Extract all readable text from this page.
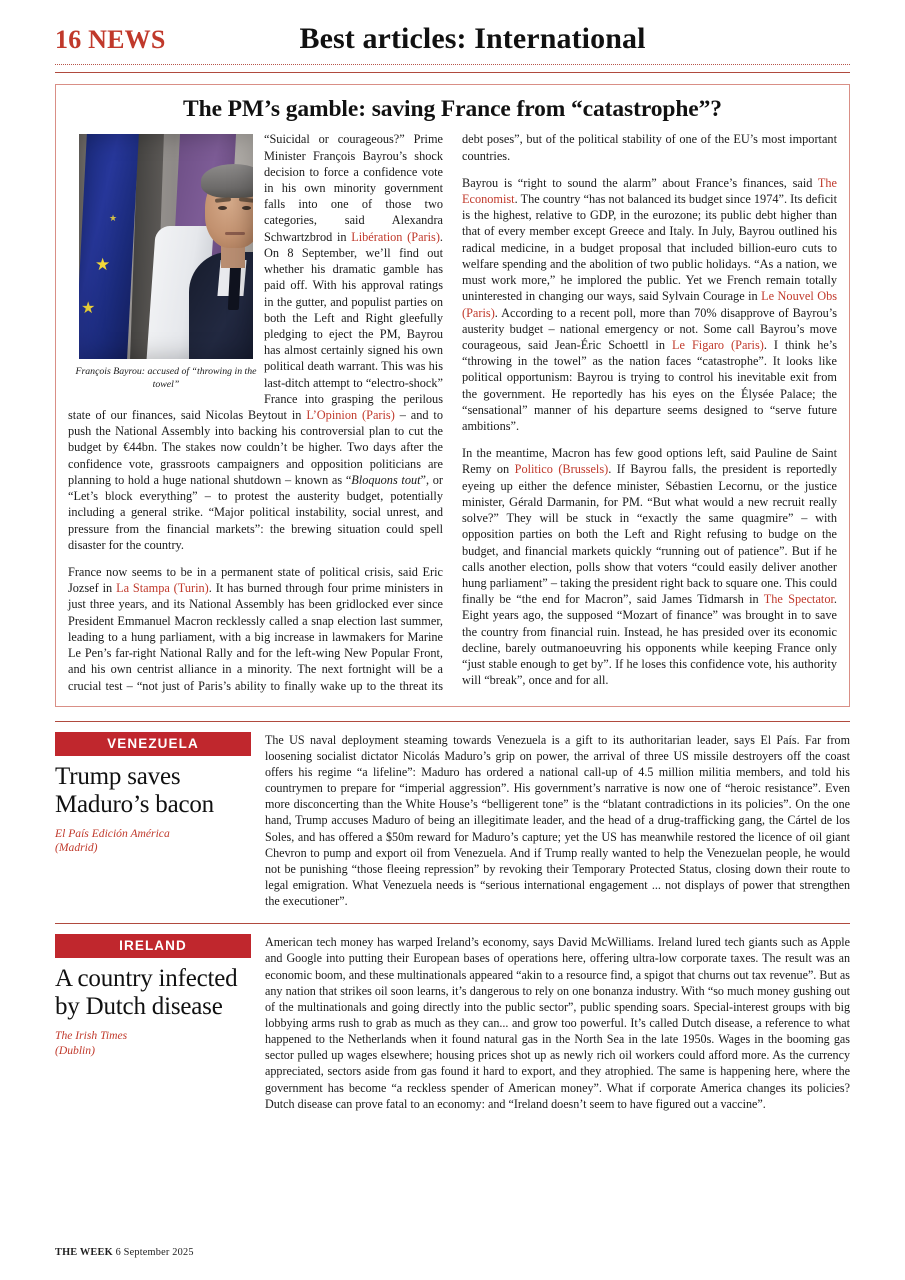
16 NEWS	Best articles: International
The PM’s gamble: saving France from “catastrophe”?
★
★
★
François Bayrou: accused of “throwing in the towel”

“Suicidal or courageous?” Prime Minister François Bayrou’s shock decision to force a confidence vote in his own minority government falls into one of those two categories, said Alexandra Schwartzbrod in Libération (Paris). On 8 September, we’ll find out whether his dramatic gamble has paid off. With his approval ratings in the gutter, and populist parties on both the Left and Right gleefully pledging to eject the PM, Bayrou has almost certainly signed his own political death warrant. This was his last-ditch attempt to “electro-shock” France into grasping the perilous state of our finances, said Nicolas Beytout in L’Opinion (Paris) – and to push the National Assembly into backing his controversial plan to cut the budget by €44bn. The stakes now couldn’t be higher. Two days after the confidence vote, grassroots campaigners and opposition politicians are planning to hold a huge national shutdown – known as “Bloquons tout”, or “Let’s block everything” – to protest the austerity budget, potentially including a general strike. “Major political instability, social unrest, and pressure from the financial markets”: the brewing situation could spell disaster for the country.

France now seems to be in a permanent state of political crisis, said Eric Jozsef in La Stampa (Turin). It has burned through four prime ministers in just three years, and its National Assembly has been gridlocked ever since President Emmanuel Macron recklessly called a snap election last summer, leading to a hung parliament, with a big increase in lawmakers for Marine Le Pen’s far-right National Rally and for the left-wing New Popular Front, and his own centrist alliance in a minority. The next fortnight will be a crucial test – “not just of Paris’s ability to finally wake up to the threat its debt poses”, but of the political stability of one of the EU’s most important countries.

Bayrou is “right to sound the alarm” about France’s finances, said The Economist. The country “has not balanced its budget since 1974”. Its deficit is the highest, relative to GDP, in the eurozone; its public debt higher than that of every member except Greece and Italy. In July, Bayrou outlined his radical medicine, in a budget proposal that included billion-euro cuts to welfare spending and the abolition of two public holidays. “As a nation, we must work more,” he implored the public. Yet we French remain totally uninterested in changing our ways, said Sylvain Courage in Le Nouvel Obs (Paris). According to a recent poll, more than 70% disapprove of Bayrou’s austerity budget – national emergency or not. Some call Bayrou’s move courageous, said Jean-Éric Schoettl in Le Figaro (Paris). I think he’s “throwing in the towel” as the nation faces “catastrophe”. It looks like political opportunism: Bayrou is trying to control his inevitable exit from the government. He reportedly has his eyes on the Élysée Palace; the “sensational” manner of his departure seems designed to “serve future ambitions”.

In the meantime, Macron has few good options left, said Pauline de Saint Remy on Politico (Brussels). If Bayrou falls, the president is reportedly eyeing up either the defence minister, Sébastien Lecornu, or the justice minister, Gérald Darmanin, for PM. “But what would a new recruit really solve?” They will be stuck in “exactly the same quagmire” – with opposition parties on both the Left and Right refusing to budge on the budget, and financial markets quickly “running out of patience”. But if he calls another election, polls show that voters “could easily deliver another hung parliament” – taking the president right back to square one. This could finally be “the end for Macron”, said James Tidmarsh in The Spectator. Eight years ago, the supposed “Mozart of finance” was brought in to save the country from financial ruin. Instead, he has presided over its economic decline, barely outmanoeuvring his opponents while keeping France only “just stable enough to get by”. If he loses this confidence vote, his authority will “break”, once and for all.

VENEZUELA
Trump saves Maduro’s bacon
El País Edición América
(Madrid)

The US naval deployment steaming towards Venezuela is a gift to its authoritarian leader, says El País. Far from loosening socialist dictator Nicolás Maduro’s grip on power, the arrival of three US missile destroyers off the coast offers his regime “a lifeline”: Maduro has ordered a national call-up of 4.5 million militia members, and told his countrymen to prepare for “imperial aggression”. His government’s narrative is now one of “heroic resistance”. Even more disconcerting than the White House’s “belligerent tone” is the “blatant contradictions in its policies”. On the one hand, Trump accuses Maduro of being an illegitimate leader, and the head of a drug-trafficking gang, the Cártel de los Soles, and has offered a $50m reward for Maduro’s capture; yet the US has meanwhile restored the licence of oil giant Chevron to pump and export oil from Venezuela. And if Trump really wanted to help the Venezuelan people, he would not be punishing “those fleeing repression” by revoking their Temporary Protected Status, closing down their route to legal emigration. What Venezuela needs is “serious international engagement ... not displays of power that strengthen the executioner”.

IRELAND
A country infected by Dutch disease
The Irish Times
(Dublin)

American tech money has warped Ireland’s economy, says David McWilliams. Ireland lured tech giants such as Apple and Google into putting their European bases of operations here, offering ultra-low corporate taxes. The result was an economic boom, and these multinationals appeared “akin to a resource find, a spigot that churns out tax revenue”. But as any nation that strikes oil soon learns, it’s dangerous to rely on one bonanza industry. With “so much money gushing out of the multinationals and going directly into the public sector”, public spending soars. Special-interest groups with big lobbying arms rush to grab as much as they can... and grow too powerful. It’s called Dutch disease, a reference to what happened to the Netherlands when it found natural gas in the North Sea in the late 1950s. Wages in the booming gas sector pulled up wages elsewhere; housing prices shot up as newly rich oil workers could afford more. As the currency appreciated, sectors aside from gas found it hard to export, and they atrophied. The same is happening here, where the government has become “a reckless spender of American money”. What if corporate America changes its policies? Dutch disease can prove fatal to an economy: and “Ireland doesn’t seem to have figured out a vaccine”.

THE WEEK 6 September 2025
